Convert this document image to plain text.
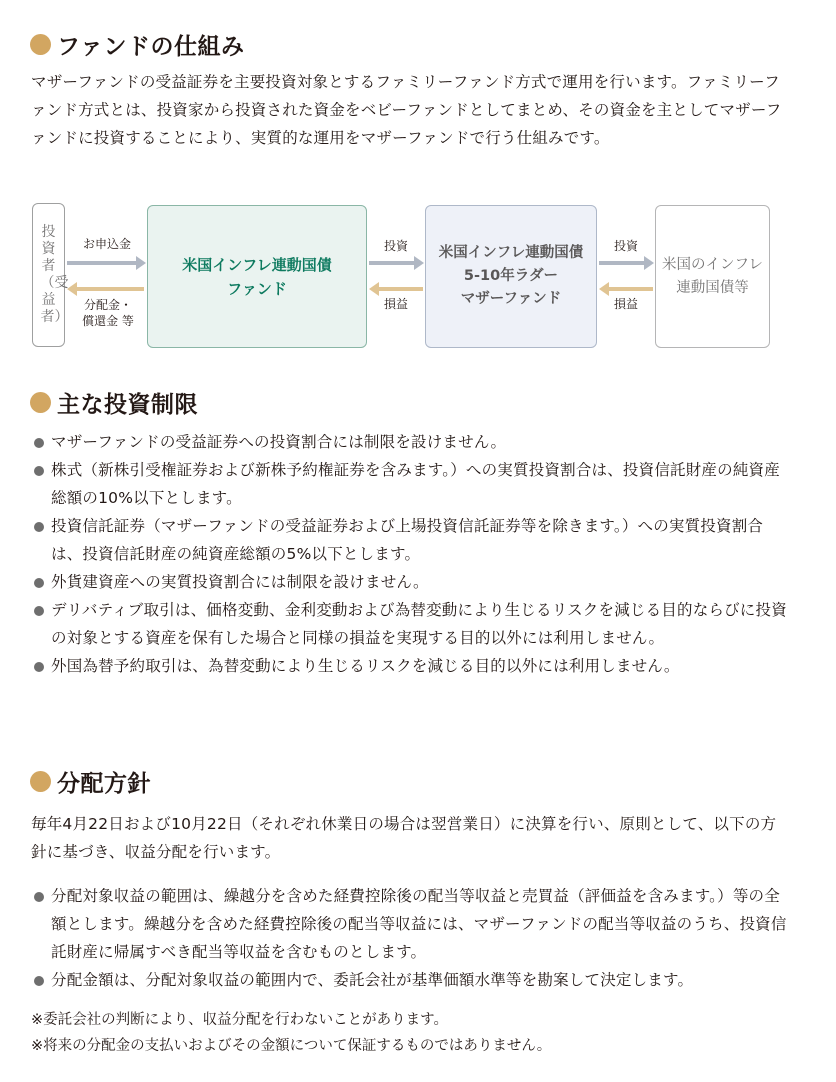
ファンドの仕組み

マザーファンドの受益証券を主要投資対象とするファミリーファンド方式で運用を行います。ファミリーファンド方式とは、投資家から投資された資金をベビーファンドとしてまとめ、その資金を主としてマザーファンドに投資することにより、実質的な運用をマザーファンドで行う仕組みです。

投資者（受益者）
お申込金
分配金・
償還金 等
米国インフレ連動国債
ファンド
投資
損益
米国インフレ連動国債
5-10年ラダー
マザーファンド
投資
損益
米国のインフレ
連動国債等
主な投資制限
マザーファンドの受益証券への投資割合には制限を設けません。
株式（新株引受権証券および新株予約権証券を含みます。）への実質投資割合は、投資信託財産の純資産総額の10%以下とします。
投資信託証券（マザーファンドの受益証券および上場投資信託証券等を除きます。）への実質投資割合は、投資信託財産の純資産総額の5%以下とします。
外貨建資産への実質投資割合には制限を設けません。
デリバティブ取引は、価格変動、金利変動および為替変動により生じるリスクを減じる目的ならびに投資の対象とする資産を保有した場合と同様の損益を実現する目的以外には利用しません。
外国為替予約取引は、為替変動により生じるリスクを減じる目的以外には利用しません。
分配方針

毎年4月22日および10月22日（それぞれ休業日の場合は翌営業日）に決算を行い、原則として、以下の方針に基づき、収益分配を行います。

分配対象収益の範囲は、繰越分を含めた経費控除後の配当等収益と売買益（評価益を含みます。）等の全額とします。繰越分を含めた経費控除後の配当等収益には、マザーファンドの配当等収益のうち、投資信託財産に帰属すべき配当等収益を含むものとします。
分配金額は、分配対象収益の範囲内で、委託会社が基準価額水準等を勘案して決定します。
※委託会社の判断により、収益分配を行わないことがあります。
※将来の分配金の支払いおよびその金額について保証するものではありません。
